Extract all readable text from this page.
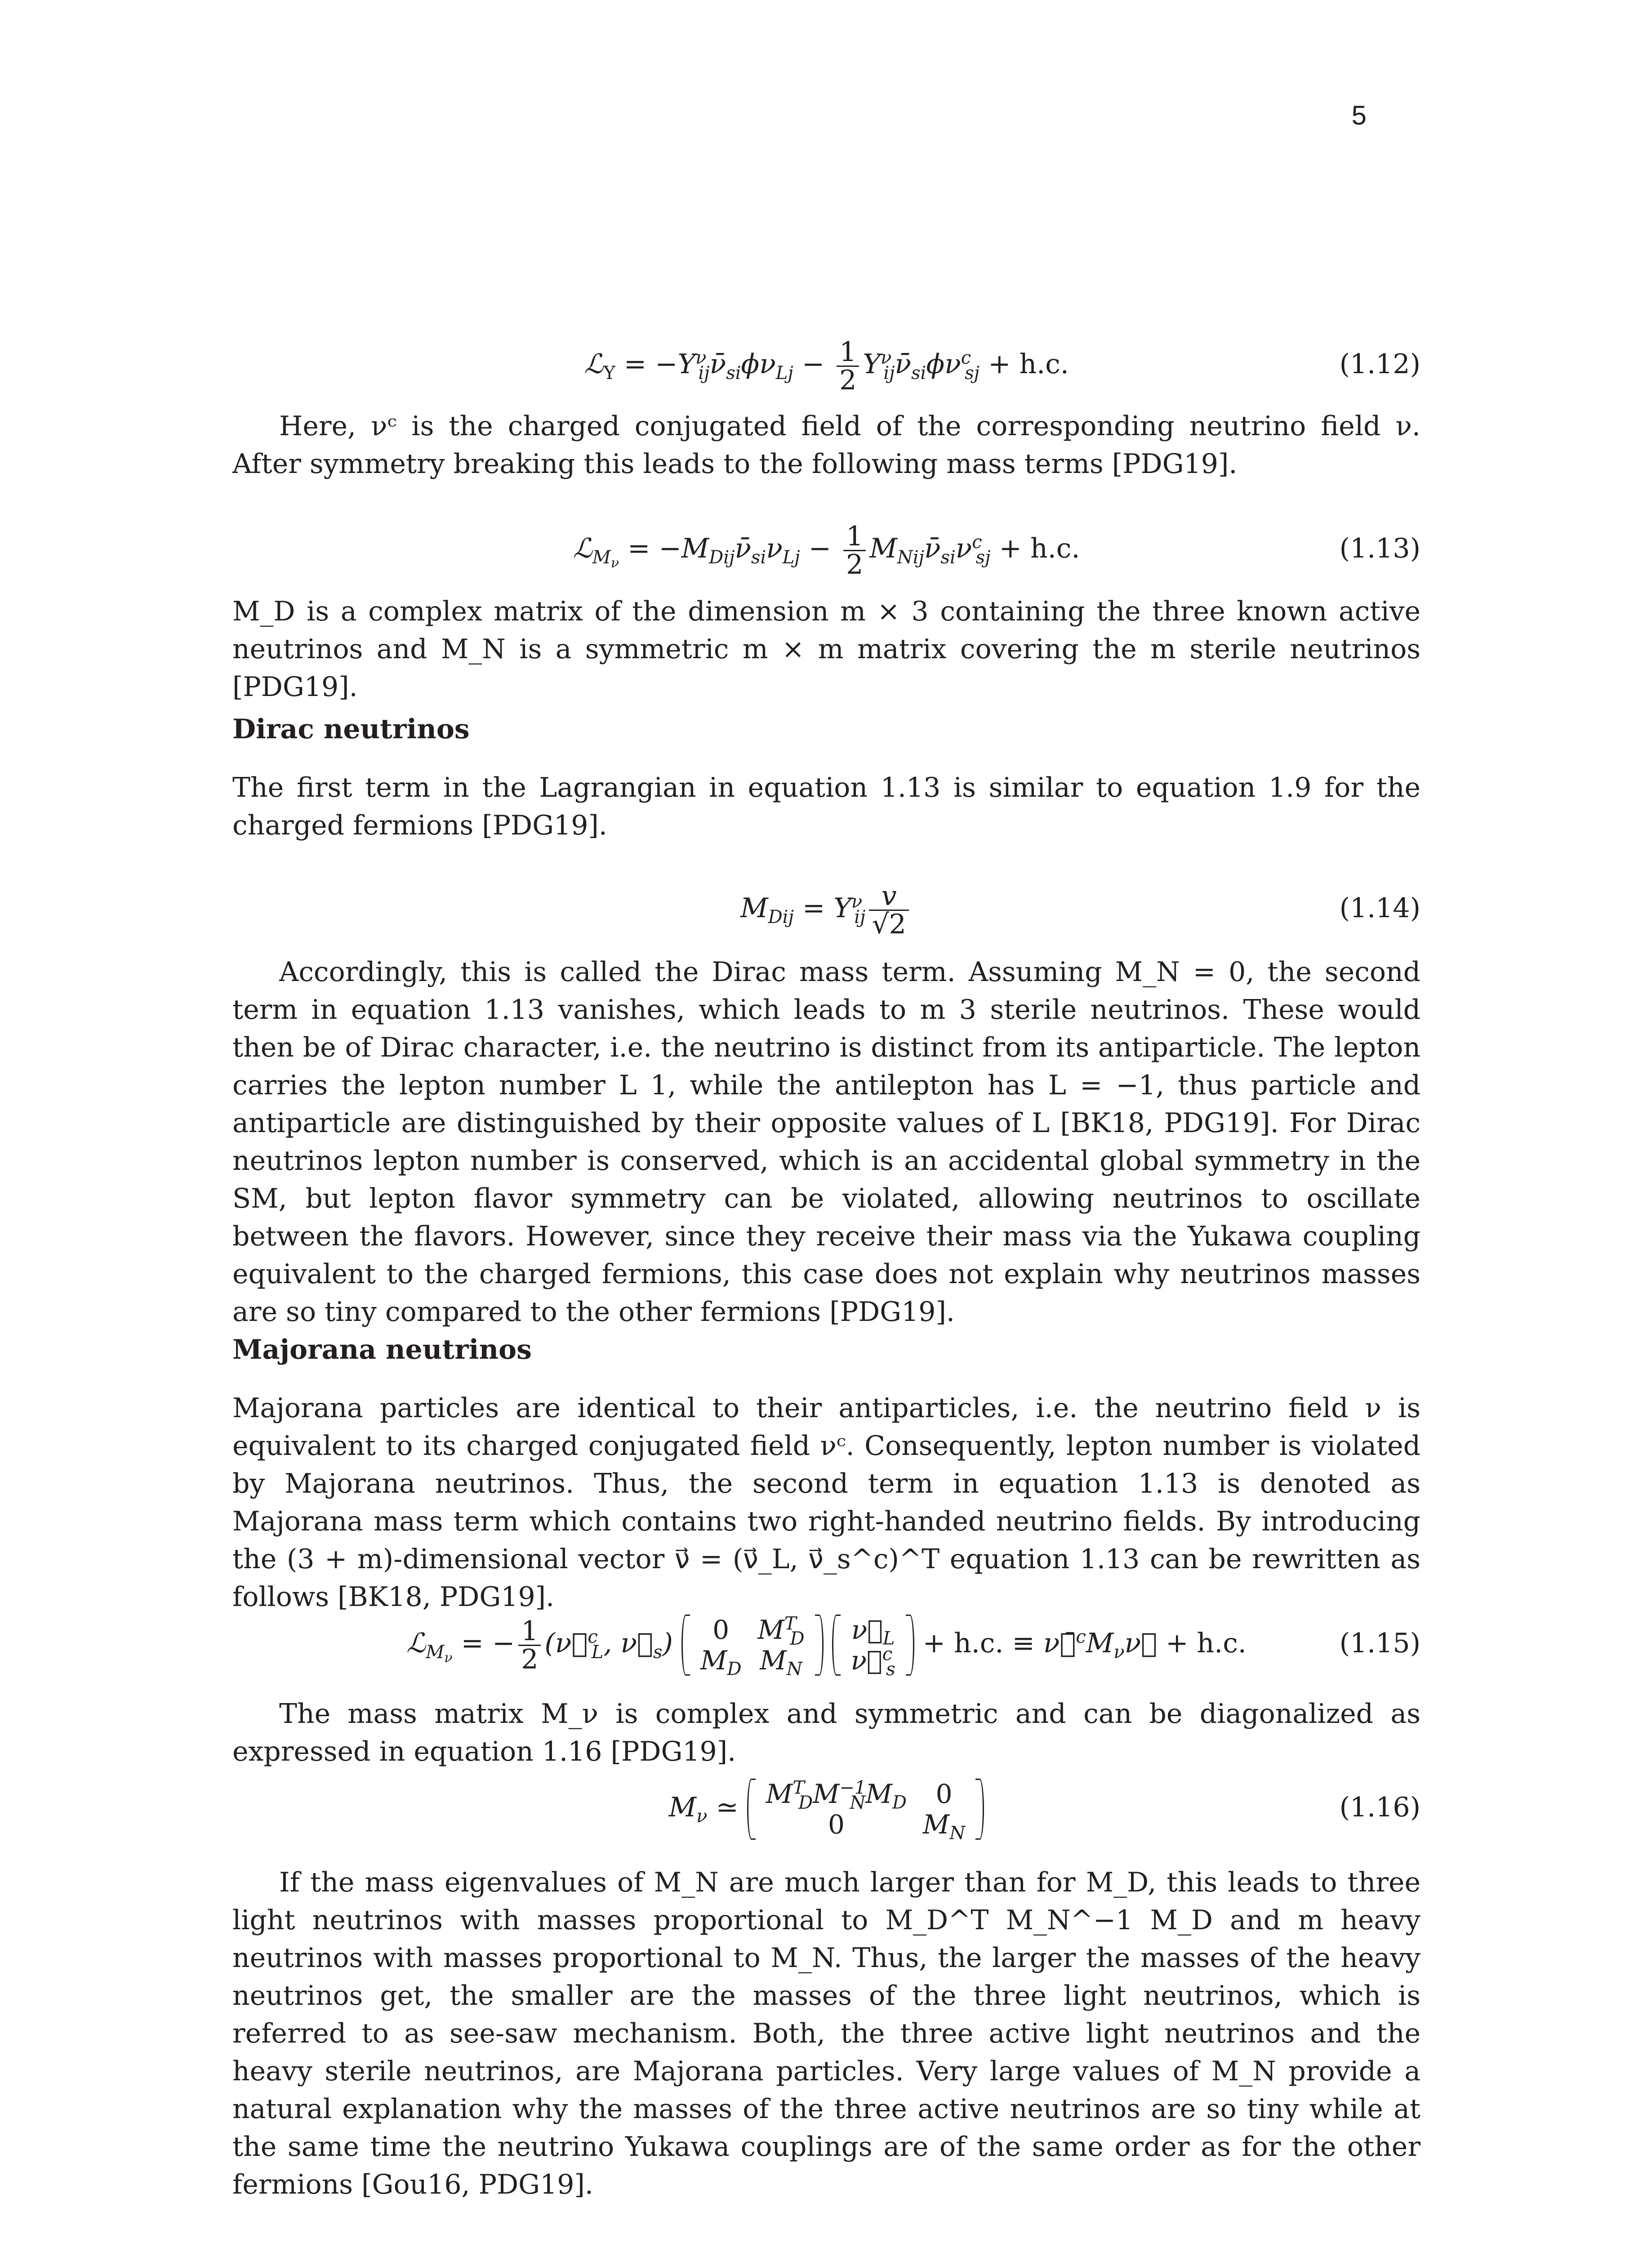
5
ℒ$_Y$ = $-Y^\nu_{ij}\nū_{si}\phi\nu_{Lj} - \frac{1}{2}$ $Y^\nu_{ij}\nū_{si}\phi\nu^c_{sj} + h.c$.	(1.12)

Here, νᶜ is the charged conjugated field of the corresponding neutrino field ν. After symmetry breaking this leads to the following mass terms [PDG19].

ℒ$_{M_\nu}$ = $-M_{Dij}\nū_{si}\nu_{Lj} - \frac{1}{2}$ $M_{Nij}\nū_{si}\nu^c_{sj} + h.c$.	(1.13)

M_D is a complex matrix of the dimension m × 3 containing the three known active neutrinos and M_N is a symmetric m × m matrix covering the m sterile neutrinos [PDG19].

Dirac neutrinos

The first term in the Lagrangian in equation 1.13 is similar to equation 1.9 for the charged fermions [PDG19].

$M_{Dij} = Y^\nu_{ij} \frac{v}{√2}$	(1.14)

Accordingly, this is called the Dirac mass term. Assuming M_N = 0, the second term in equation 1.13 vanishes, which leads to m 3 sterile neutrinos. These would then be of Dirac character, i.e. the neutrino is distinct from its antiparticle. The lepton carries the lepton number L 1, while the antilepton has L = −1, thus particle and antiparticle are distinguished by their opposite values of L [BK18, PDG19]. For Dirac neutrinos lepton number is conserved, which is an accidental global symmetry in the SM, but lepton flavor symmetry can be violated, allowing neutrinos to oscillate between the flavors. However, since they receive their mass via the Yukawa coupling equivalent to the charged fermions, this case does not explain why neutrinos masses are so tiny compared to the other fermions [PDG19].

Majorana neutrinos

Majorana particles are identical to their antiparticles, i.e. the neutrino field ν is equivalent to its charged conjugated field νᶜ. Consequently, lepton number is violated by Majorana neutrinos. Thus, the second term in equation 1.13 is denoted as Majorana mass term which contains two right-handed neutrino fields. By introducing the (3 + m)-dimensional vector ν⃗ = (ν⃗_L, ν⃗_s^c)^T equation 1.13 can be rewritten as follows [BK18, PDG19].

ℒ$_{M_\nu}$ = − $\frac{1}{2}$ (ν⃗$^c_L$, $\nu⃗_s$) 0	$M^T_D$
$M_D$	$M_N$

$\nu⃗_L$
ν⃗$^c_s$
+ h.c. ≡ $\nu⃗̄^cM_\nu\nu⃗ + h.c$.	(1.15)

The mass matrix M_ν is complex and symmetric and can be diagonalized as expressed in equation 1.16 [PDG19].

$M_\nu$ ≃ $M^T_DM^{-1}_NM_D$	0
0	$M_N$
(1.16)

If the mass eigenvalues of M_N are much larger than for M_D, this leads to three light neutrinos with masses proportional to M_D^T M_N^−1 M_D and m heavy neutrinos with masses proportional to M_N. Thus, the larger the masses of the heavy neutrinos get, the smaller are the masses of the three light neutrinos, which is referred to as see-saw mechanism. Both, the three active light neutrinos and the heavy sterile neutrinos, are Majorana particles. Very large values of M_N provide a natural explanation why the masses of the three active neutrinos are so tiny while at the same time the neutrino Yukawa couplings are of the same order as for the other fermions [Gou16, PDG19].
